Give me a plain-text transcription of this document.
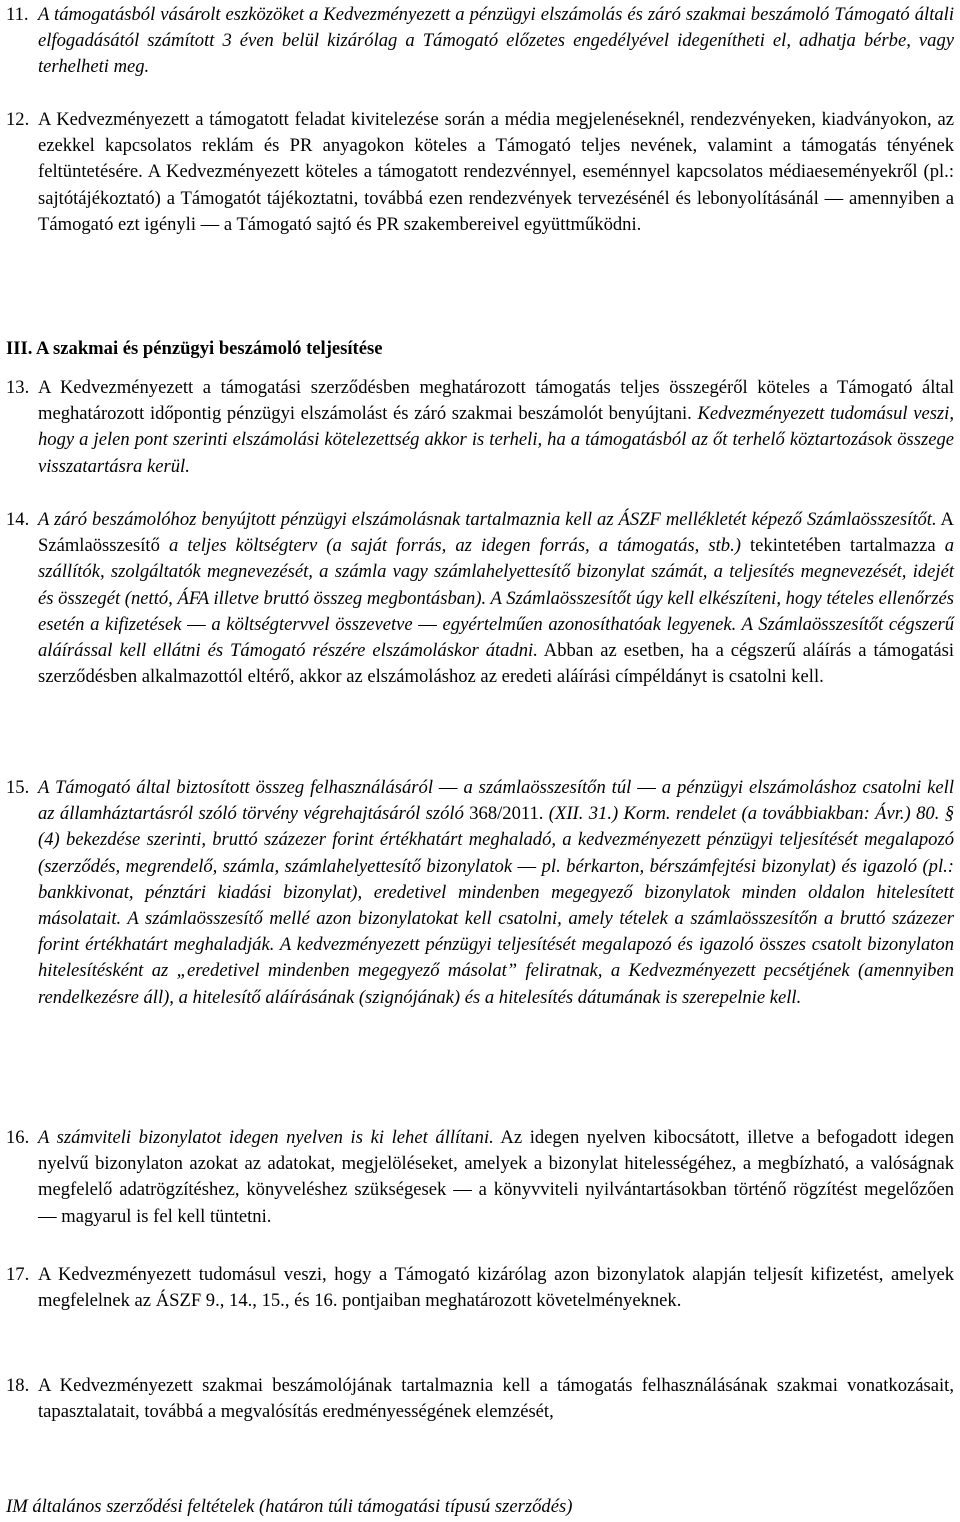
11. A támogatásból vásárolt eszközöket a Kedvezményezett a pénzügyi elszámolás és záró szakmai beszámoló Támogató általi elfogadásától számított 3 éven belül kizárólag a Támogató előzetes engedélyével idegenítheti el, adhatja bérbe, vagy terhelheti meg.
12. A Kedvezményezett a támogatott feladat kivitelezése során a média megjelenéseknél, rendezvényeken, kiadványokon, az ezekkel kapcsolatos reklám és PR anyagokon köteles a Támogató teljes nevének, valamint a támogatás tényének feltüntetésére. A Kedvezményezett köteles a támogatott rendezvénnyel, eseménnyel kapcsolatos médiaeseményekről (pl.: sajtótájékoztató) a Támogatót tájékoztatni, továbbá ezen rendezvények tervezésénél és lebonyolításánál ― amennyiben a Támogató ezt igényli ― a Támogató sajtó és PR szakembereivel együttműködni.
III. A szakmai és pénzügyi beszámoló teljesítése
13. A Kedvezményezett a támogatási szerződésben meghatározott támogatás teljes összegéről köteles a Támogató által meghatározott időpontig pénzügyi elszámolást és záró szakmai beszámolót benyújtani. Kedvezményezett tudomásul veszi, hogy a jelen pont szerinti elszámolási kötelezettség akkor is terheli, ha a támogatásból az őt terhelő köztartozások összege visszatartásra kerül.
14. A záró beszámolóhoz benyújtott pénzügyi elszámolásnak tartalmaznia kell az ÁSZF mellékletét képező Számlaösszesítőt. A Számlaösszesítő a teljes költségterv (a saját forrás, az idegen forrás, a támogatás, stb.) tekintetében tartalmazza a szállítók, szolgáltatók megnevezését, a számla vagy számlahelyettesítő bizonylat számát, a teljesítés megnevezését, idejét és összegét (nettó, ÁFA illetve bruttó összeg megbontásban). A Számlaösszesítőt úgy kell elkészíteni, hogy tételes ellenőrzés esetén a kifizetések ― a költségtervvel összevetve ― egyértelműen azonosíthatóak legyenek. A Számlaösszesítőt cégszerű aláírással kell ellátni és Támogató részére elszámoláskor átadni. Abban az esetben, ha a cégszerű aláírás a támogatási szerződésben alkalmazottól eltérő, akkor az elszámoláshoz az eredeti aláírási címpéldányt is csatolni kell.
15. A Támogató által biztosított összeg felhasználásáról ― a számlaösszesítőn túl ― a pénzügyi elszámoláshoz csatolni kell az államháztartásról szóló törvény végrehajtásáról szóló 368/2011. (XII. 31.) Korm. rendelet (a továbbiakban: Ávr.) 80. § (4) bekezdése szerinti, bruttó százezer forint értékhatárt meghaladó, a kedvezményezett pénzügyi teljesítését megalapozó (szerződés, megrendelő, számla, számlahelyettesítő bizonylatok ― pl. bérkarton, bérszámfejtési bizonylat) és igazoló (pl.: bankkivonat, pénztári kiadási bizonylat), eredetivel mindenben megegyező bizonylatok minden oldalon hitelesített másolatait. A számlaösszesítő mellé azon bizonylatokat kell csatolni, amely tételek a számlaösszesítőn a bruttó százezer forint értékhatárt meghaladják. A kedvezményezett pénzügyi teljesítését megalapozó és igazoló összes csatolt bizonylaton hitelesítésként az „eredetivel mindenben megegyező másolat” feliratnak, a Kedvezményezett pecsétjének (amennyiben rendelkezésre áll), a hitelesítő aláírásának (szignójának) és a hitelesítés dátumának is szerepelnie kell.
16. A számviteli bizonylatot idegen nyelven is ki lehet állítani. Az idegen nyelven kibocsátott, illetve a befogadott idegen nyelvű bizonylaton azokat az adatokat, megjelöléseket, amelyek a bizonylat hitelességéhez, a megbízható, a valóságnak megfelelő adatrögzítéshez, könyveléshez szükségesek ― a könyvviteli nyilvántartásokban történő rögzítést megelőzően ― magyarul is fel kell tüntetni.
17. A Kedvezményezett tudomásul veszi, hogy a Támogató kizárólag azon bizonylatok alapján teljesít kifizetést, amelyek megfelelnek az ÁSZF 9., 14., 15., és 16. pontjaiban meghatározott követelményeknek.
18. A Kedvezményezett szakmai beszámolójának tartalmaznia kell a támogatás felhasználásának szakmai vonatkozásait, tapasztalatait, továbbá a megvalósítás eredményességének elemzését,
IM általános szerződési feltételek (határon túli támogatási típusú szerződés)
